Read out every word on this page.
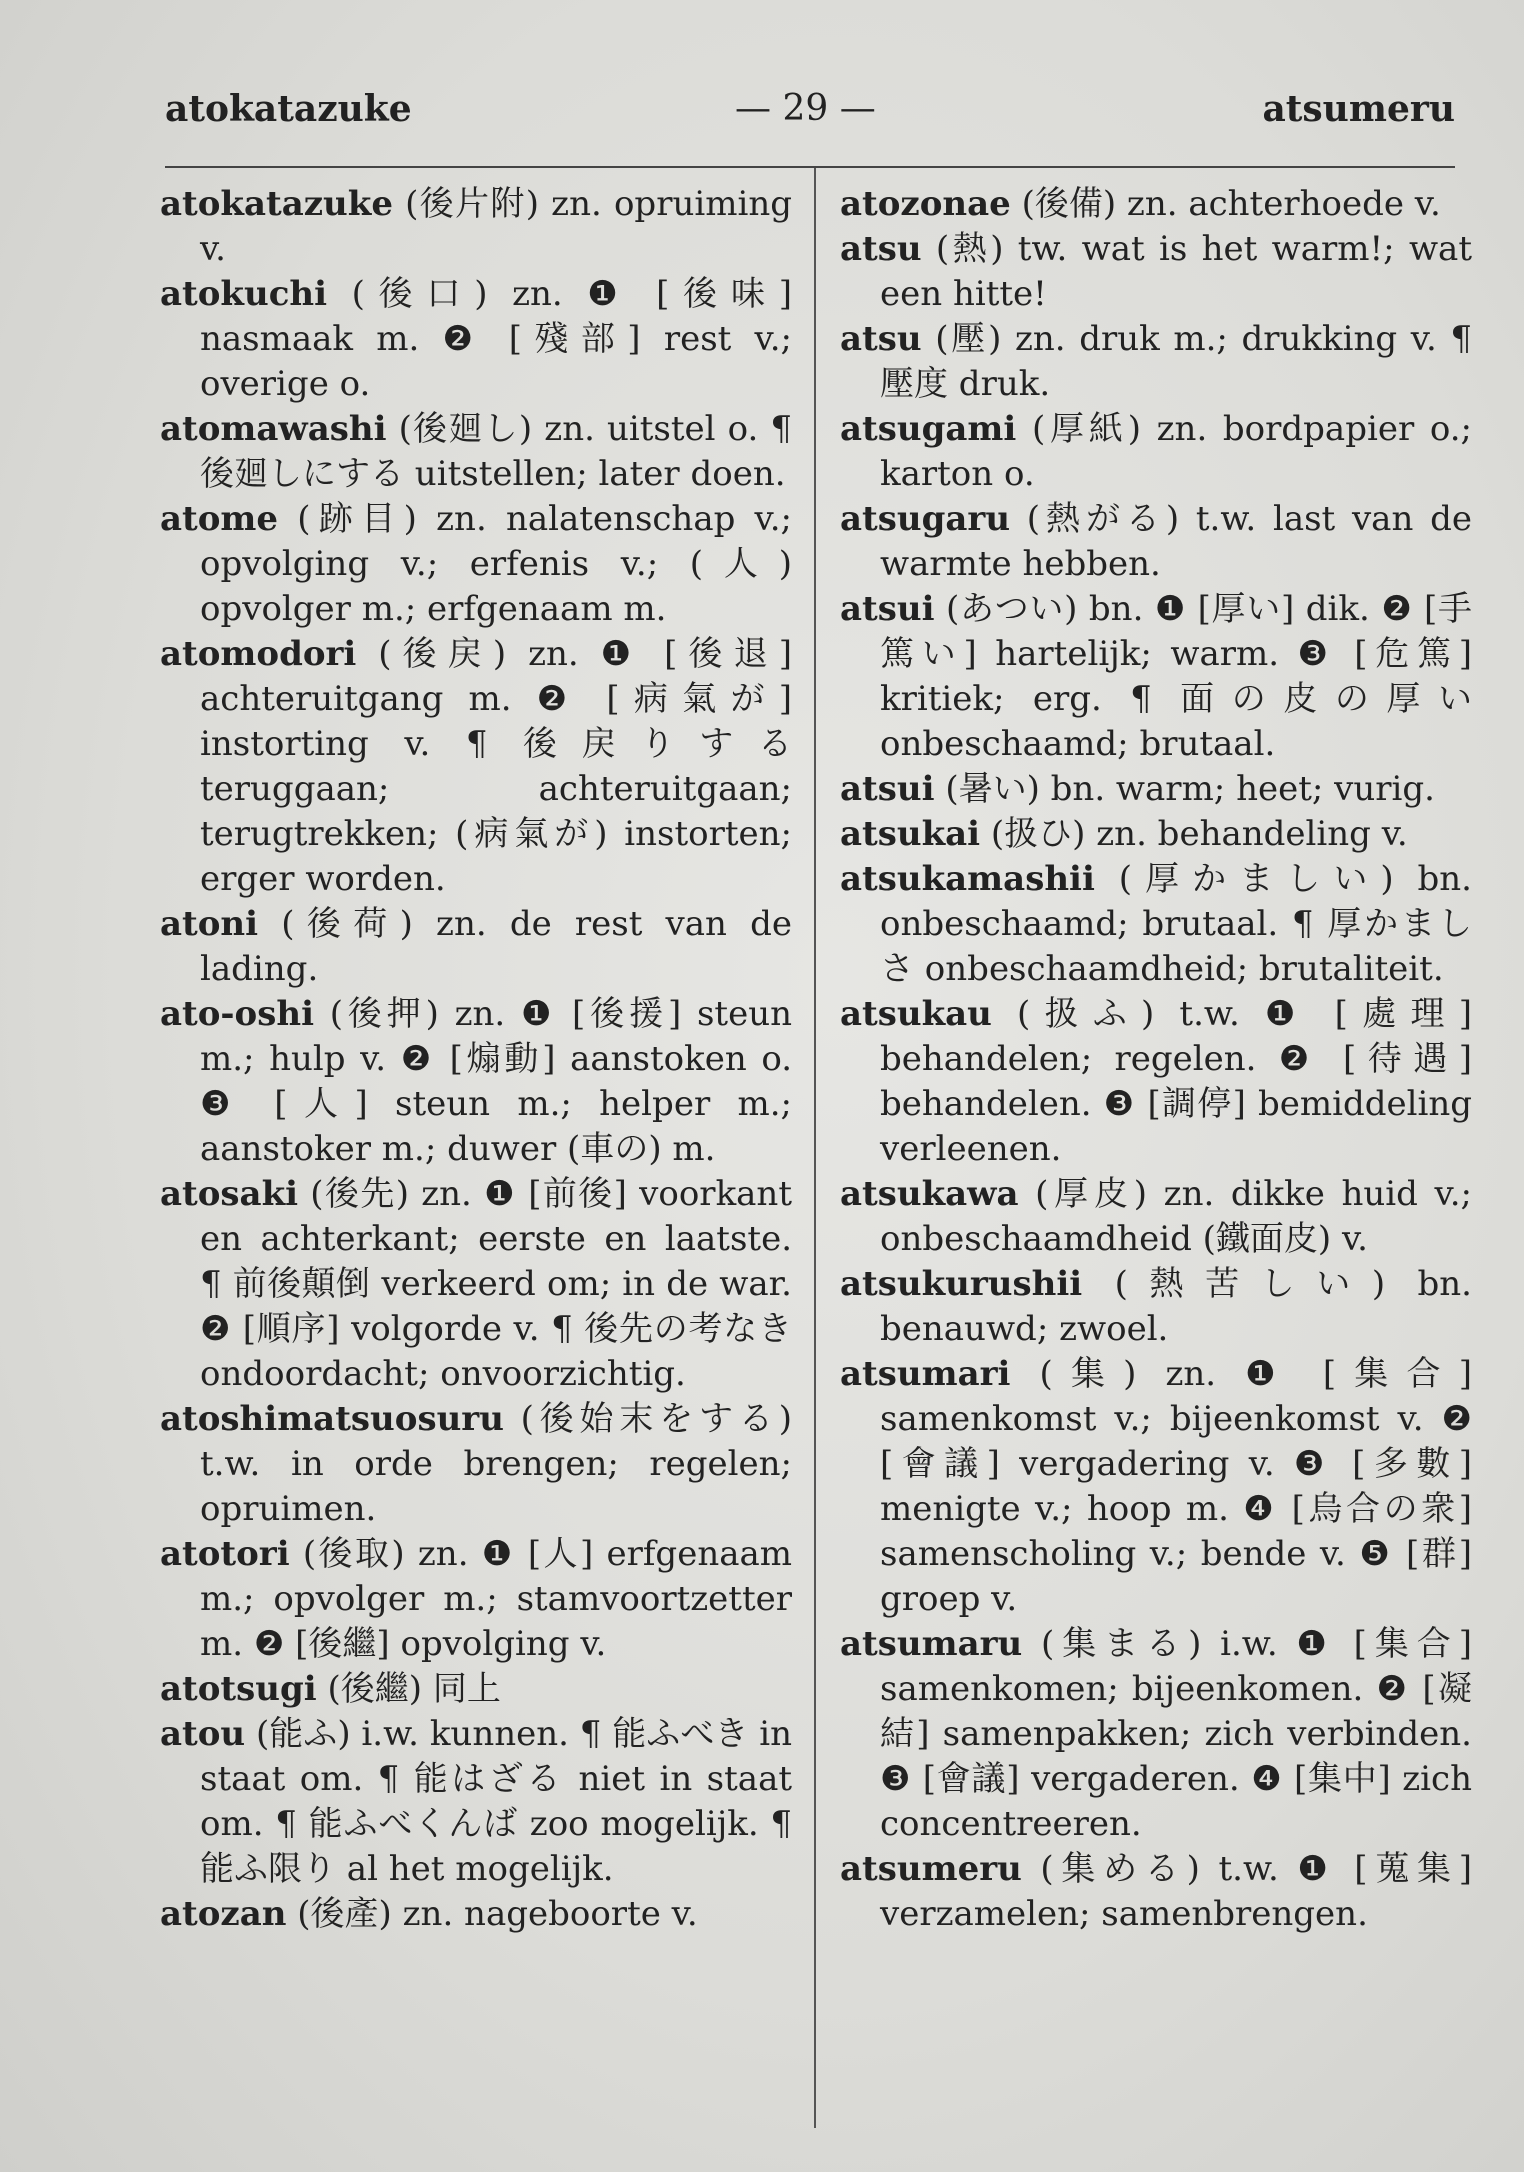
atokatazuke	— 29 —	atsumeru

atokatazuke (後片附) zn. opruiming v.

atokuchi (後口) zn. ❶ [後味] nasmaak m. ❷ [殘部] rest v.; overige o.

atomawashi (後廻し) zn. uitstel o. ¶ 後廻しにする uitstellen; later doen.

atome (跡目) zn. nalatenschap v.; opvolging v.; erfenis v.; (人) opvolger m.; erfgenaam m.

atomodori (後戻) zn. ❶ [後退] achteruitgang m. ❷ [病氣が] instorting v. ¶ 後戻りする teruggaan; achteruitgaan; terugtrekken; (病氣が) instorten; erger worden.

atoni (後荷) zn. de rest van de lading.

ato-oshi (後押) zn. ❶ [後援] steun m.; hulp v. ❷ [煽動] aanstoken o. ❸ [人] steun m.; helper m.; aanstoker m.; duwer (車の) m.

atosaki (後先) zn. ❶ [前後] voorkant en achterkant; eerste en laatste. ¶ 前後顛倒 verkeerd om; in de war. ❷ [順序] volgorde v. ¶ 後先の考なき ondoordacht; onvoorzichtig.

atoshimatsuosuru (後始末をする) t.w. in orde brengen; regelen; opruimen.

atotori (後取) zn. ❶ [人] erfgenaam m.; opvolger m.; stamvoortzetter m. ❷ [後繼] opvolging v.

atotsugi (後繼) 同上

atou (能ふ) i.w. kunnen. ¶ 能ふべき in staat om. ¶ 能はざる niet in staat om. ¶ 能ふべくんば zoo mogelijk. ¶ 能ふ限り al het mogelijk.

atozan (後產) zn. nageboorte v.

atozonae (後備) zn. achterhoede v.

atsu (熱) tw. wat is het warm!; wat een hitte!

atsu (壓) zn. druk m.; drukking v. ¶ 壓度 druk.

atsugami (厚紙) zn. bordpapier o.; karton o.

atsugaru (熱がる) t.w. last van de warmte hebben.

atsui (あつい) bn. ❶ [厚い] dik. ❷ [手篤い] hartelijk; warm. ❸ [危篤] kritiek; erg. ¶ 面の皮の厚い onbeschaamd; brutaal.

atsui (暑い) bn. warm; heet; vurig.

atsukai (扱ひ) zn. behandeling v.

atsukamashii (厚かましい) bn. onbeschaamd; brutaal. ¶ 厚かましさ onbeschaamdheid; brutaliteit.

atsukau (扱ふ) t.w. ❶ [處理] behandelen; regelen. ❷ [待遇] behandelen. ❸ [調停] bemiddeling verleenen.

atsukawa (厚皮) zn. dikke huid v.; onbeschaamdheid (鐵面皮) v.

atsukurushii (熱苦しい) bn. benauwd; zwoel.

atsumari (集) zn. ❶ [集合] samenkomst v.; bijeenkomst v. ❷ [會議] vergadering v. ❸ [多數] menigte v.; hoop m. ❹ [烏合の衆] samenscholing v.; bende v. ❺ [群] groep v.

atsumaru (集まる) i.w. ❶ [集合] samenkomen; bijeenkomen. ❷ [凝結] samenpakken; zich verbinden. ❸ [會議] vergaderen. ❹ [集中] zich concentreeren.

atsumeru (集める) t.w. ❶ [蒐集] verzamelen; samenbrengen.
